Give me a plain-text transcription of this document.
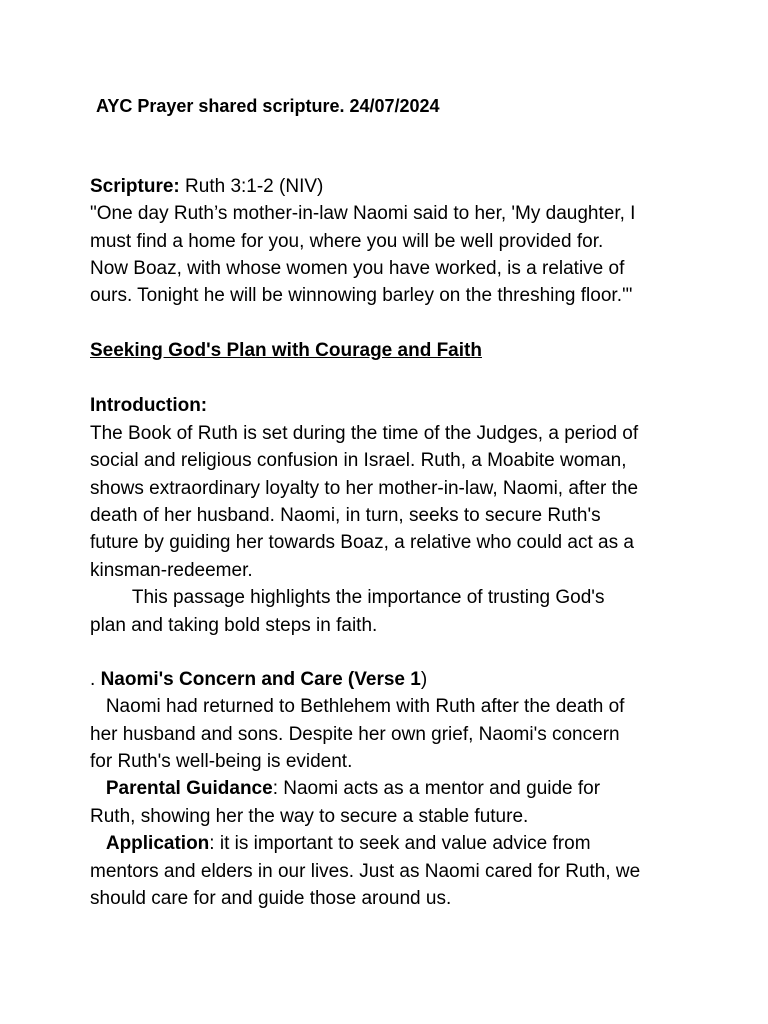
AYC Prayer shared scripture. 24/07/2024
Scripture: Ruth 3:1-2 (NIV)
"One day Ruth’s mother-in-law Naomi said to her, 'My daughter, I
must find a home for you, where you will be well provided for.
Now Boaz, with whose women you have worked, is a relative of
ours. Tonight he will be winnowing barley on the threshing floor.'"
Seeking God's Plan with Courage and Faith
Introduction:
The Book of Ruth is set during the time of the Judges, a period of
social and religious confusion in Israel. Ruth, a Moabite woman,
shows extraordinary loyalty to her mother-in-law, Naomi, after the
death of her husband. Naomi, in turn, seeks to secure Ruth's
future by guiding her towards Boaz, a relative who could act as a
kinsman-redeemer.
This passage highlights the importance of trusting God's
plan and taking bold steps in faith.
. Naomi's Concern and Care (Verse 1)
Naomi had returned to Bethlehem with Ruth after the death of
her husband and sons. Despite her own grief, Naomi's concern
for Ruth's well-being is evident.
Parental Guidance: Naomi acts as a mentor and guide for
Ruth, showing her the way to secure a stable future.
Application: it is important to seek and value advice from
mentors and elders in our lives. Just as Naomi cared for Ruth, we
should care for and guide those around us.
